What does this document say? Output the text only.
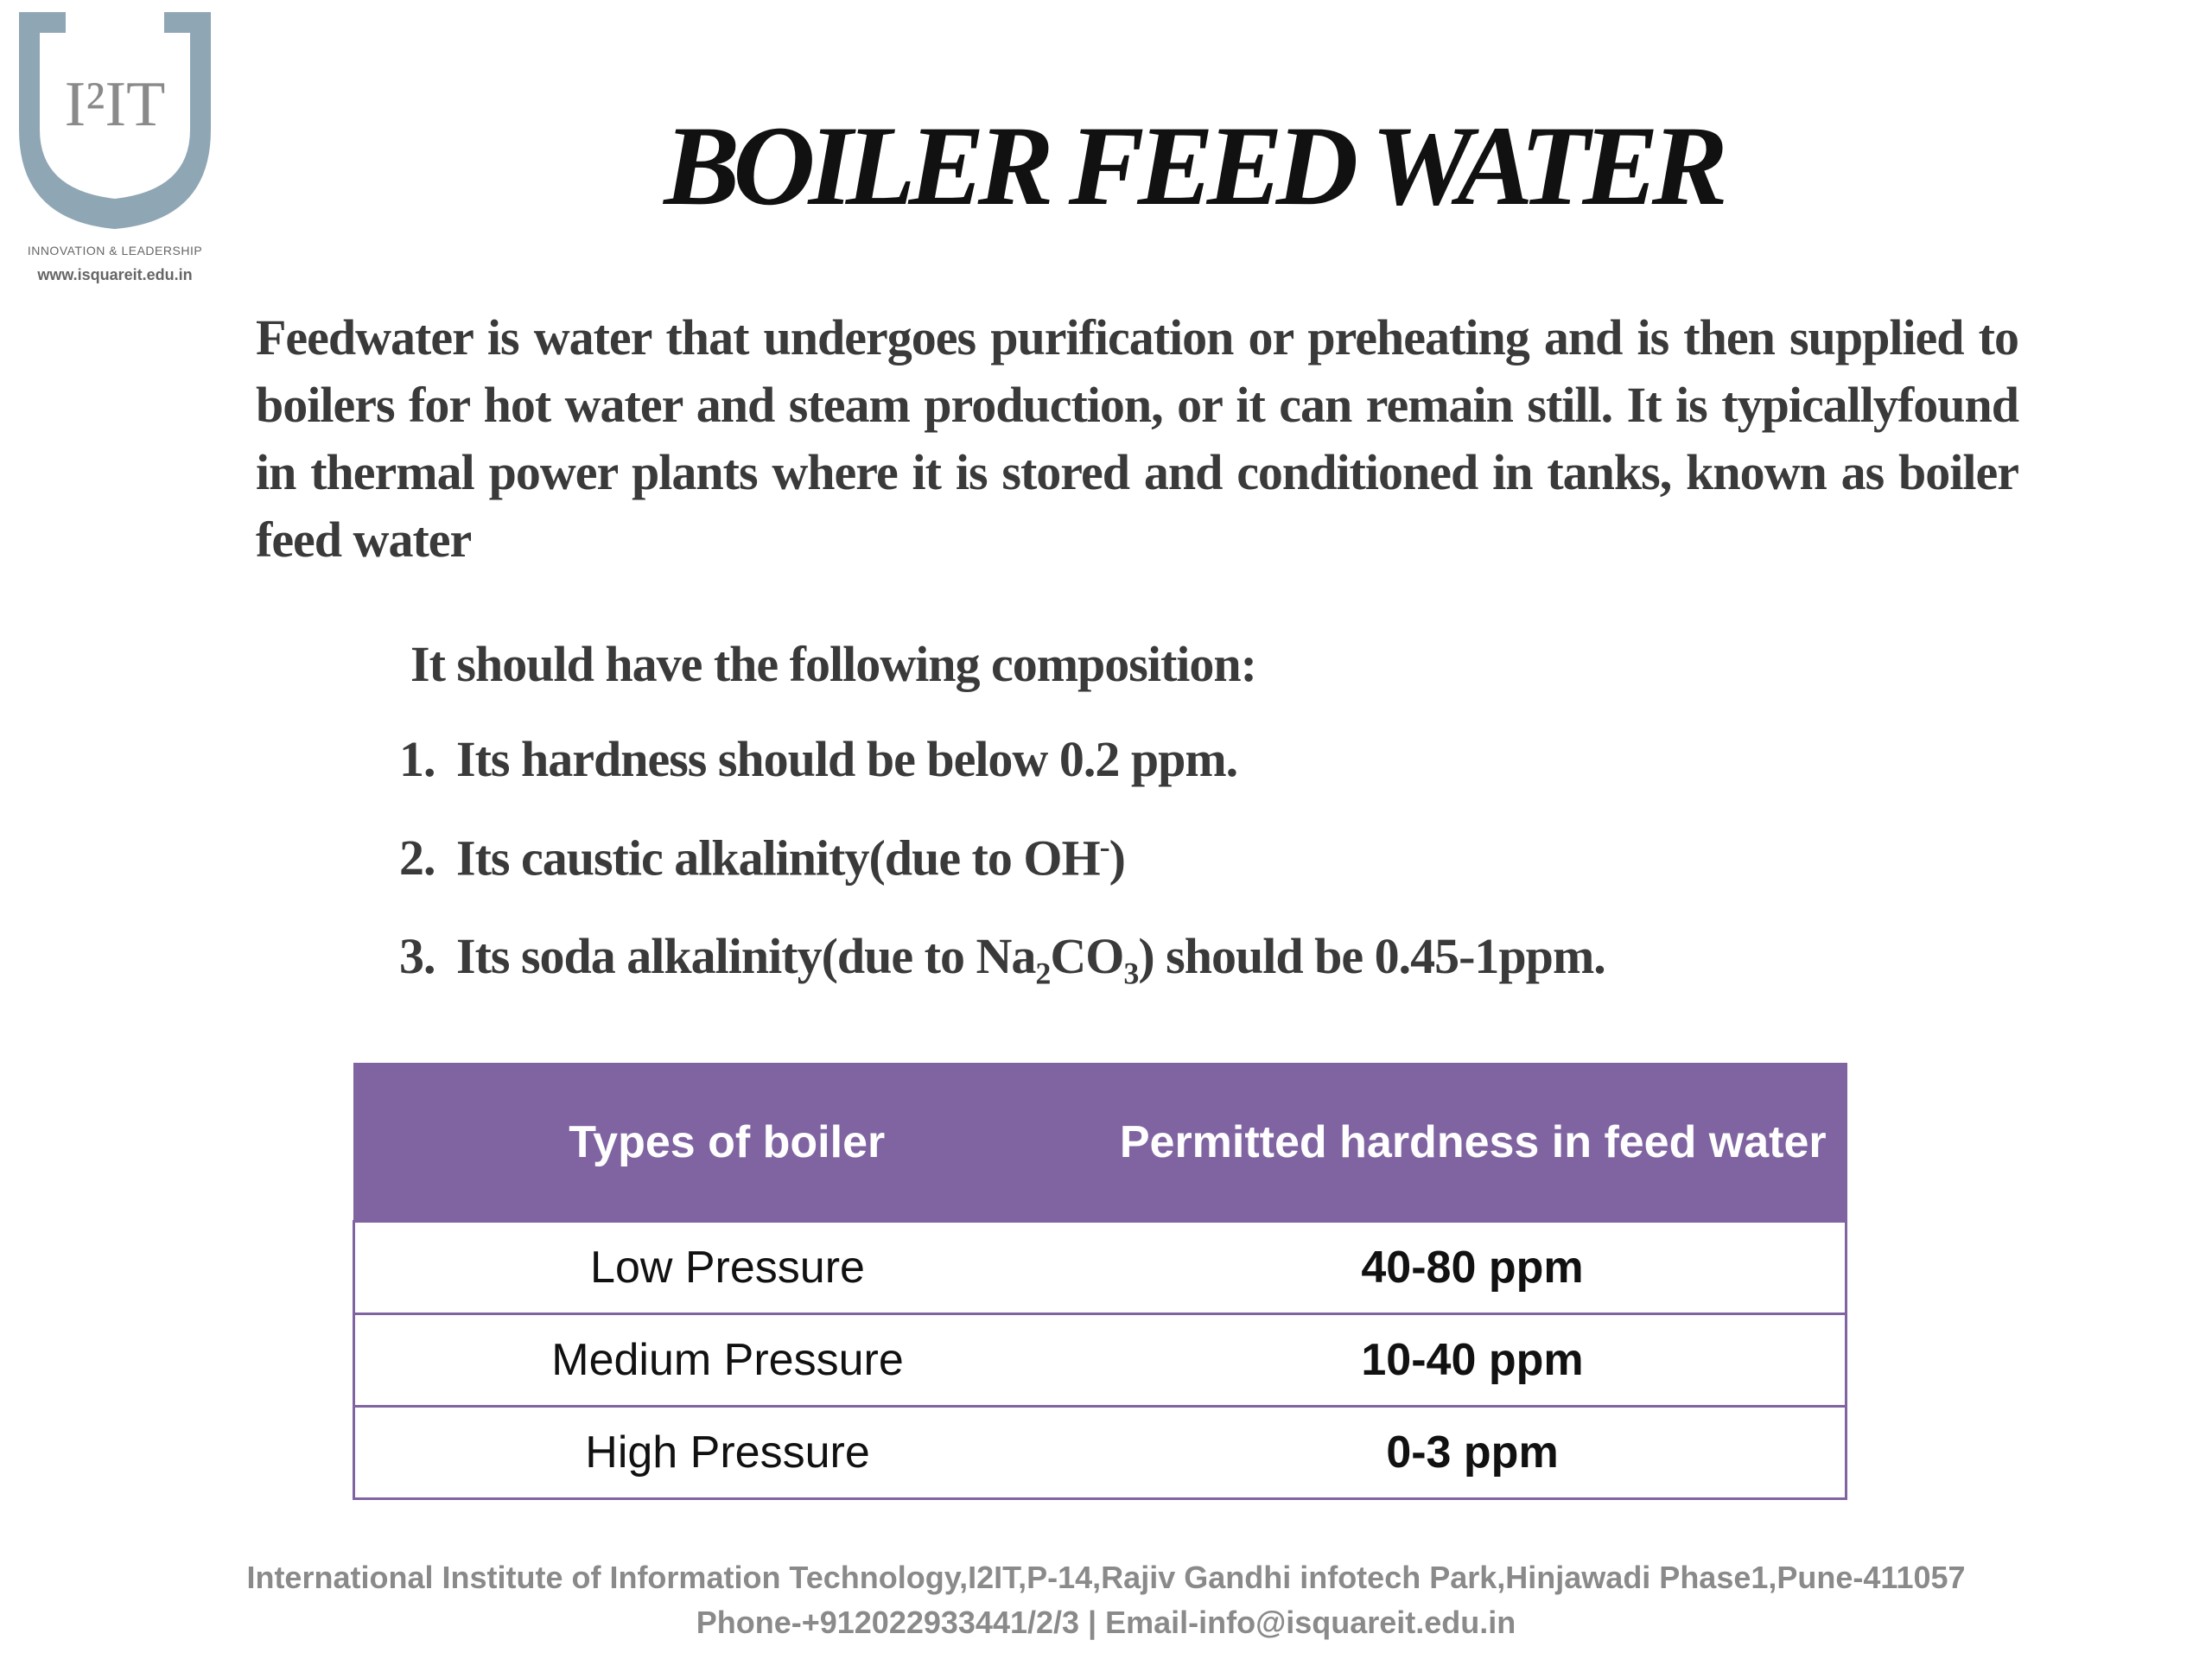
I²IT
INNOVATION & LEADERSHIP
www.isquareit.edu.in
BOILER FEED WATER
Feedwater is water that undergoes purification or preheating and is then supplied to boilers for hot water and steam production, or it can remain still. It is typicallyfound in thermal power plants where it is stored and conditioned in tanks, known as boiler feed water
It should have the following composition:
1. Its hardness should be below 0.2 ppm.
2. Its caustic alkalinity(due to OH-)
3. Its soda alkalinity(due to $Na_2CO_3$) should be 0.45-1ppm.
Types of boiler	Permitted hardness in feed water
Low Pressure	40-80 ppm
Medium Pressure	10-40 ppm
High Pressure	0-3 ppm
International Institute of Information Technology,I2IT,P-14,Rajiv Gandhi infotech Park,Hinjawadi Phase1,Pune-411057
Phone-+912022933441/2/3 | Email-info@isquareit.edu.in
